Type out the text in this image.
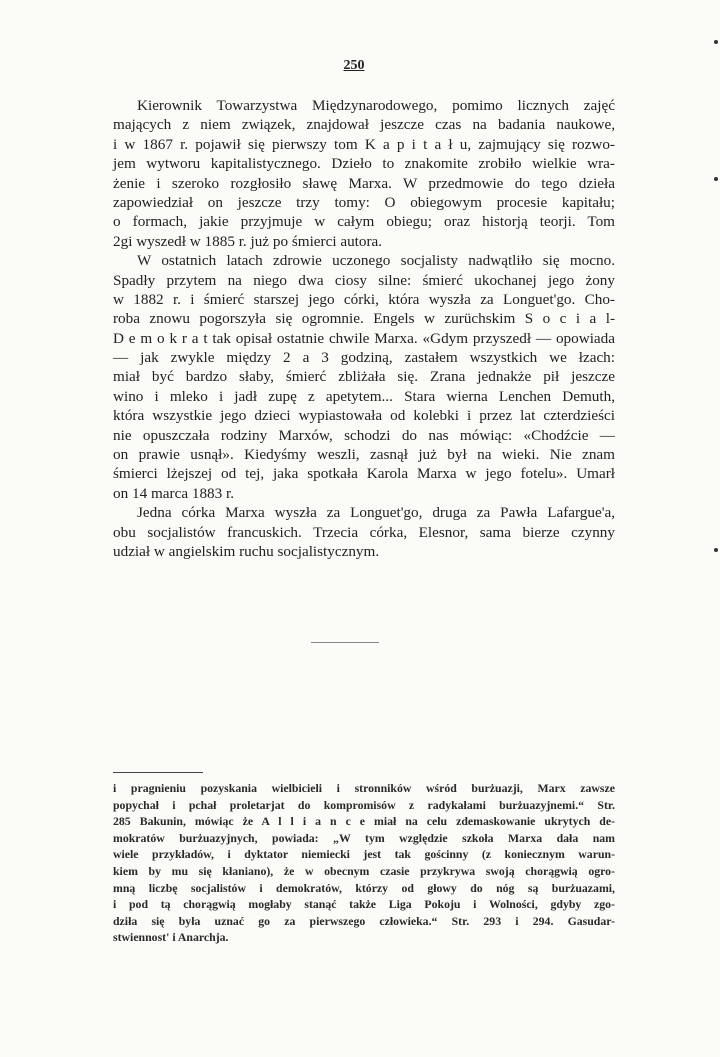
250
Kierownik Towarzystwa Międzynarodowego, pomimo licznych zajęć
mających z niem związek, znajdował jeszcze czas na badania naukowe,
i w 1867 r. pojawił się pierwszy tom K a p i t a ł u, zajmujący się rozwo-
jem wytworu kapitalistycznego. Dzieło to znakomite zrobiło wielkie wra-
żenie i szeroko rozgłosiło sławę Marxa. W przedmowie do tego dzieła
zapowiedział on jeszcze trzy tomy: O obiegowym procesie kapitału;
o formach, jakie przyjmuje w całym obiegu; oraz historją teorji. Tom
2gi wyszedł w 1885 r. już po śmierci autora.
W ostatnich latach zdrowie uczonego socjalisty nadwątliło się mocno.
Spadły przytem na niego dwa ciosy silne: śmierć ukochanej jego żony
w 1882 r. i śmierć starszej jego córki, która wyszła za Longuet'go. Cho-
roba znowu pogorszyła się ogromnie. Engels w zurüchskim S o c i a l-
D e m o k r a t tak opisał ostatnie chwile Marxa. «Gdym przyszedł — opowiada
— jak zwykle między 2 a 3 godziną, zastałem wszystkich we łzach:
miał być bardzo słaby, śmierć zbliżała się. Zrana jednakże pił jeszcze
wino i mleko i jadł zupę z apetytem... Stara wierna Lenchen Demuth,
która wszystkie jego dzieci wypiastowała od kolebki i przez lat czterdzieści
nie opuszczała rodziny Marxów, schodzi do nas mówiąc: «Chodźcie —
on prawie usnął». Kiedyśmy weszli, zasnął już był na wieki. Nie znam
śmierci lżejszej od tej, jaka spotkała Karola Marxa w jego fotelu». Umarł
on 14 marca 1883 r.
Jedna córka Marxa wyszła za Longuet'go, druga za Pawła Lafargue'a,
obu socjalistów francuskich. Trzecia córka, Elesnor, sama bierze czynny
udział w angielskim ruchu socjalistycznym.
i pragnieniu pozyskania wielbicieli i stronników wśród burżuazji, Marx zawsze
popychał i pchał proletarjat do kompromisów z radykałami burżuazyjnemi.“ Str.
285 Bakunin, mówiąc że A l l i a n c e miał na celu zdemaskowanie ukrytych de-
mokratów burżuazyjnych, powiada: „W tym względzie szkoła Marxa dała nam
wiele przykładów, i dyktator niemiecki jest tak gościnny (z koniecznym warun-
kiem by mu się kłaniano), że w obecnym czasie przykrywa swoją chorągwią ogro-
mną liczbę socjalistów i demokratów, którzy od głowy do nóg są burżuazami,
i pod tą chorągwią mogłaby stanąć także Liga Pokoju i Wolności, gdyby zgo-
dziła się była uznać go za pierwszego człowieka.“ Str. 293 i 294. Gasudar-
stwiennost' i Anarchja.
